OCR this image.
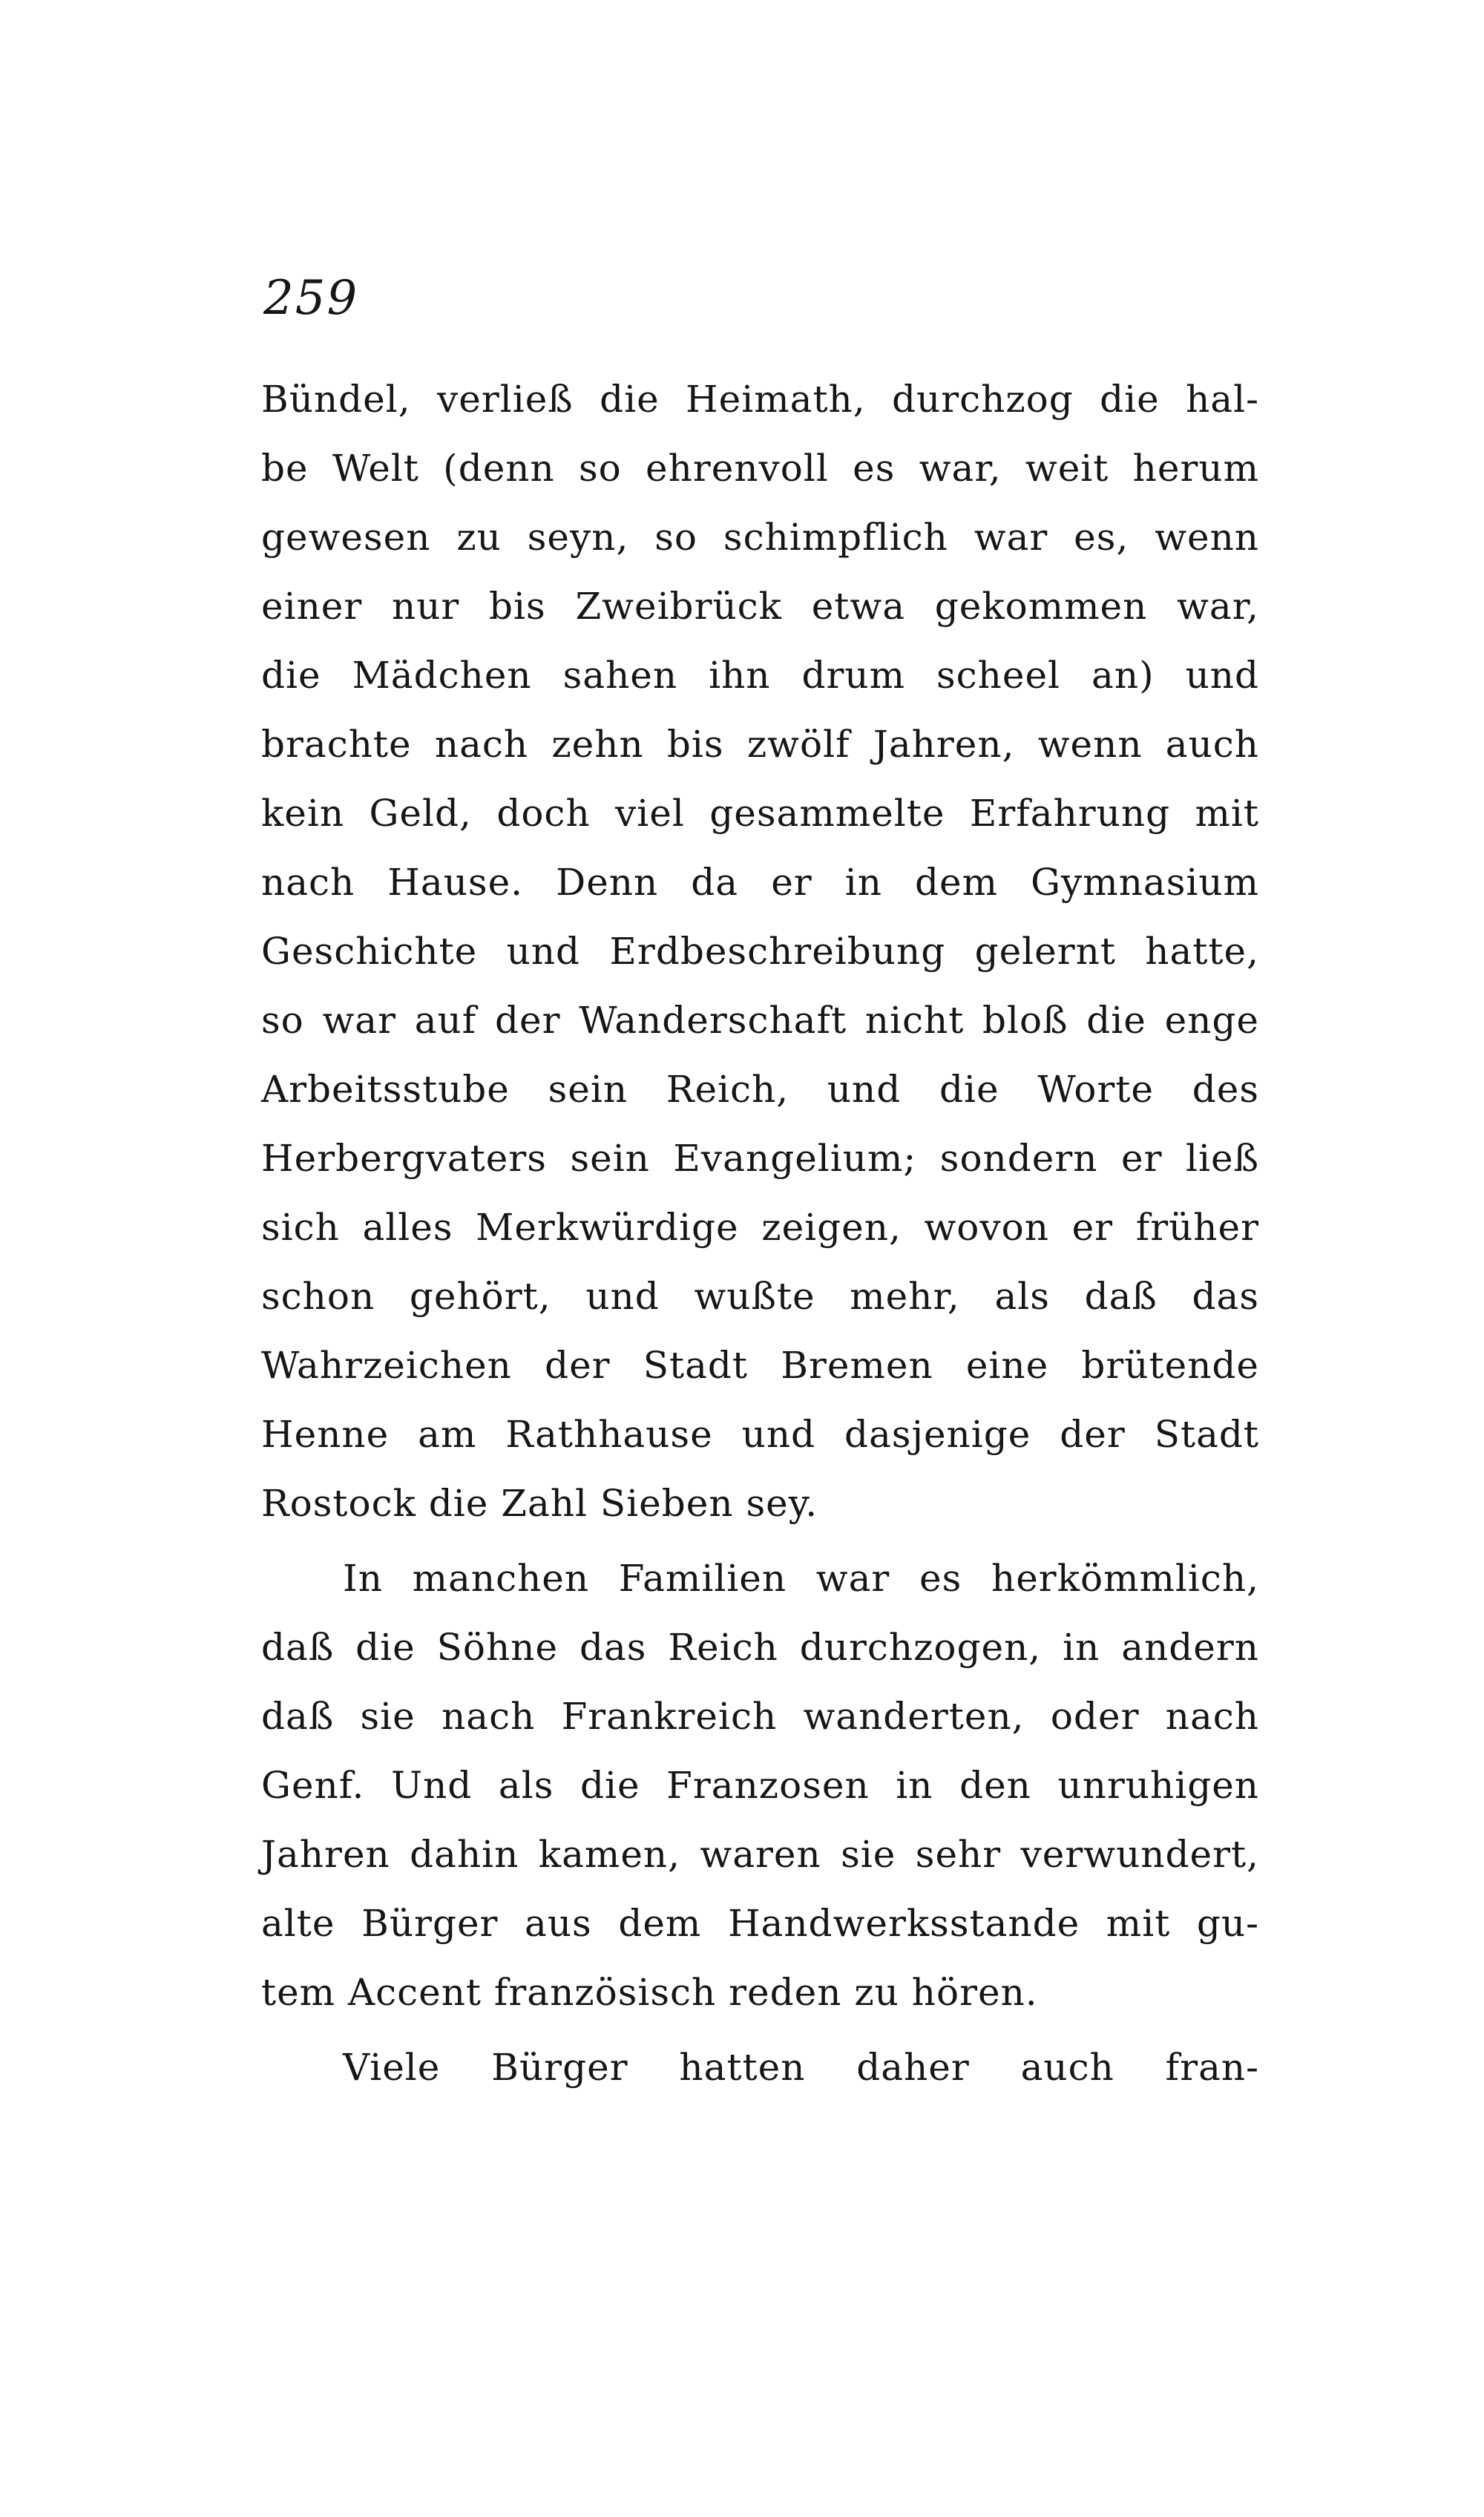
259
Bündel, verließ die Heimath, durchzog die hal-
be Welt (denn so ehrenvoll es war, weit herum
gewesen zu seyn, so schimpflich war es, wenn
einer nur bis Zweibrück etwa gekommen war,
die Mädchen sahen ihn drum scheel an) und
brachte nach zehn bis zwölf Jahren, wenn auch
kein Geld, doch viel gesammelte Erfahrung mit
nach Hause. Denn da er in dem Gymnasium
Geschichte und Erdbeschreibung gelernt hatte,
so war auf der Wanderschaft nicht bloß die enge
Arbeitsstube sein Reich, und die Worte des
Herbergvaters sein Evangelium; sondern er ließ
sich alles Merkwürdige zeigen, wovon er früher
schon gehört, und wußte mehr, als daß das
Wahrzeichen der Stadt Bremen eine brütende
Henne am Rathhause und dasjenige der Stadt
Rostock die Zahl Sieben sey.
In manchen Familien war es herkömmlich,
daß die Söhne das Reich durchzogen, in andern
daß sie nach Frankreich wanderten, oder nach
Genf. Und als die Franzosen in den unruhigen
Jahren dahin kamen, waren sie sehr verwundert,
alte Bürger aus dem Handwerksstande mit gu-
tem Accent französisch reden zu hören.
Viele Bürger hatten daher auch fran-
